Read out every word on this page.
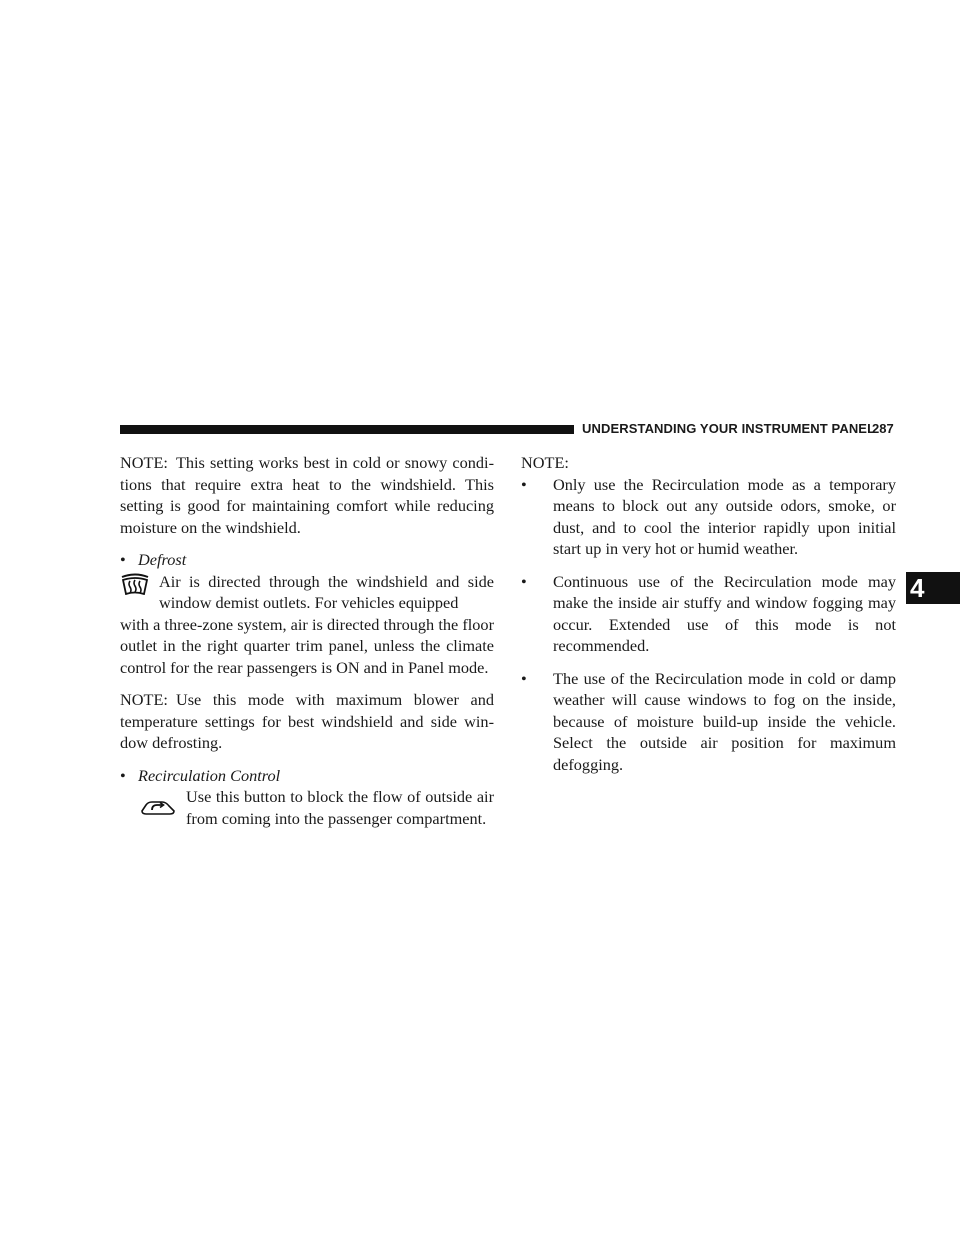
UNDERSTANDING YOUR INSTRUMENT PANEL
287
4

NOTE: This setting works best in cold or snowy condi-

tions that require extra heat to the windshield. This setting is good for maintaining comfort while reducing moisture on the windshield.

• Defrost

Air is directed through the windshield and side window demist outlets. For vehicles equipped

with a three-zone system, air is directed through the floor outlet in the right quarter trim panel, unless the climate control for the rear passengers is ON and in Panel mode.

NOTE: Use this mode with maximum blower and

temperature settings for best windshield and side win- dow defrosting.

• Recirculation Control

Use this button to block the flow of outside air from coming into the passenger compartment.

NOTE:

• Only use the Recirculation mode as a temporary means to block out any outside odors, smoke, or dust, and to cool the interior rapidly upon initial start up in very hot or humid weather.
• Continuous use of the Recirculation mode may make the inside air stuffy and window fogging may occur. Extended use of this mode is not recommended.
• The use of the Recirculation mode in cold or damp weather will cause windows to fog on the inside, because of moisture build-up inside the vehicle. Select the outside air position for maximum defogging.
